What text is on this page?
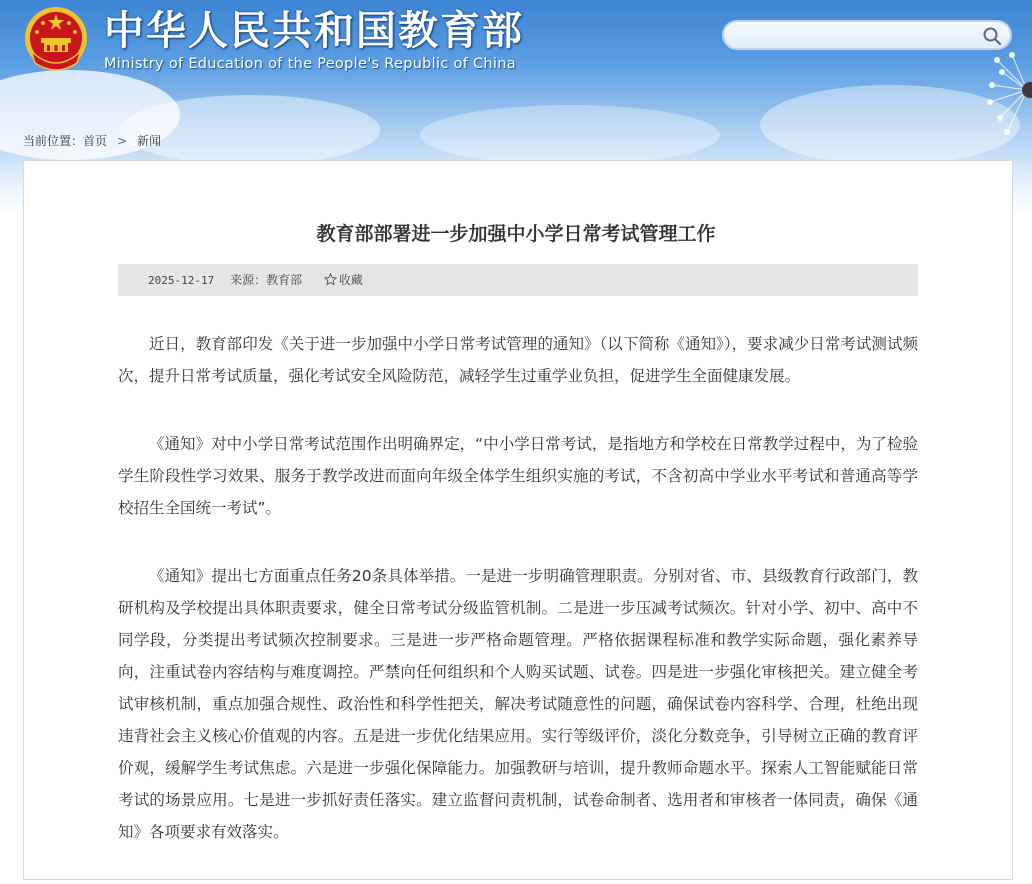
中华人民共和国教育部
Ministry of Education of the People's Republic of China
当前位置：首页 > 新闻
教育部部署进一步加强中小学日常考试管理工作
2025-12-17 来源：教育部	收藏

近日，教育部印发《关于进一步加强中小学日常考试管理的通知》（以下简称《通知》），要求减少日常考试测试频次，提升日常考试质量，强化考试安全风险防范，减轻学生过重学业负担，促进学生全面健康发展。

《通知》对中小学日常考试范围作出明确界定，“中小学日常考试，是指地方和学校在日常教学过程中，为了检验学生阶段性学习效果、服务于教学改进而面向年级全体学生组织实施的考试，不含初高中学业水平考试和普通高等学校招生全国统一考试”。

《通知》提出七方面重点任务20条具体举措。一是进一步明确管理职责。分别对省、市、县级教育行政部门，教研机构及学校提出具体职责要求，健全日常考试分级监管机制。二是进一步压减考试频次。针对小学、初中、高中不同学段，分类提出考试频次控制要求。三是进一步严格命题管理。严格依据课程标准和教学实际命题，强化素养导向，注重试卷内容结构与难度调控。严禁向任何组织和个人购买试题、试卷。四是进一步强化审核把关。建立健全考试审核机制，重点加强合规性、政治性和科学性把关，解决考试随意性的问题，确保试卷内容科学、合理，杜绝出现违背社会主义核心价值观的内容。五是进一步优化结果应用。实行等级评价，淡化分数竞争，引导树立正确的教育评价观，缓解学生考试焦虑。六是进一步强化保障能力。加强教研与培训，提升教师命题水平。探索人工智能赋能日常考试的场景应用。七是进一步抓好责任落实。建立监督问责机制，试卷命制者、选用者和审核者一体同责，确保《通知》各项要求有效落实。
